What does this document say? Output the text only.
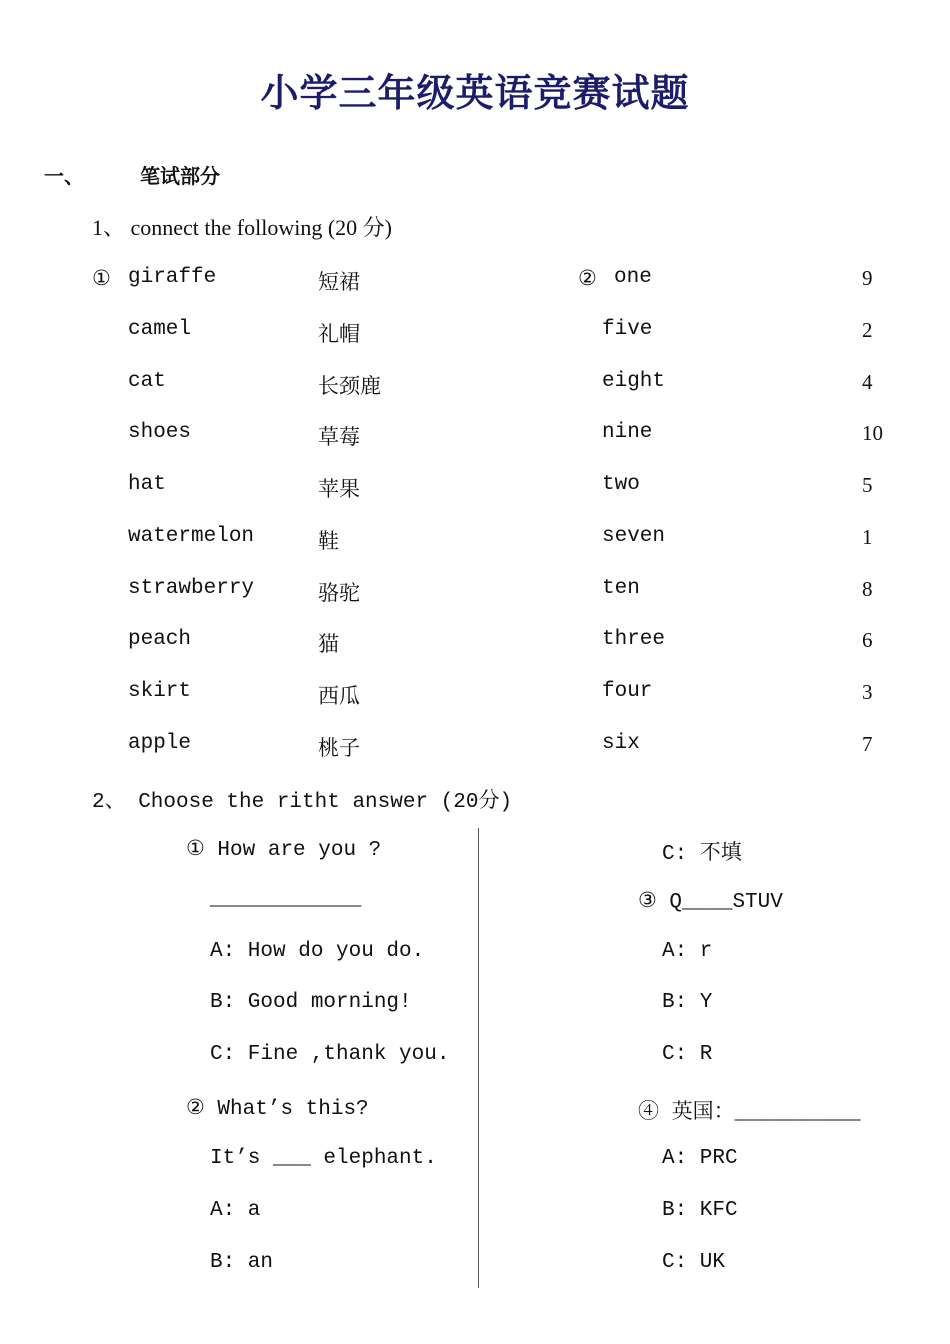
小学三年级英语竞赛试题
一、	笔试部分
1、 connect the following (20 分)
①	②
giraffe
camel
cat
shoes
hat
watermelon
strawberry
peach
skirt
apple
短裙
礼帽
长颈鹿
草莓
苹果
鞋
骆驼
猫
西瓜
桃子
one
five
eight
nine
two
seven
ten
three
four
six
9
2
4
10
5
1
8
6
3
7
2、 Choose the ritht answer (20分)
① How are you ?
____________
A: How do you do.
B: Good morning!
C: Fine ,thank you.
② What’s this?
It’s ___ elephant.
A: a
B: an
C: 不填
③ Q____STUV
A: r
B: Y
C: R
④ 英国：__________
A: PRC
B: KFC
C: UK
